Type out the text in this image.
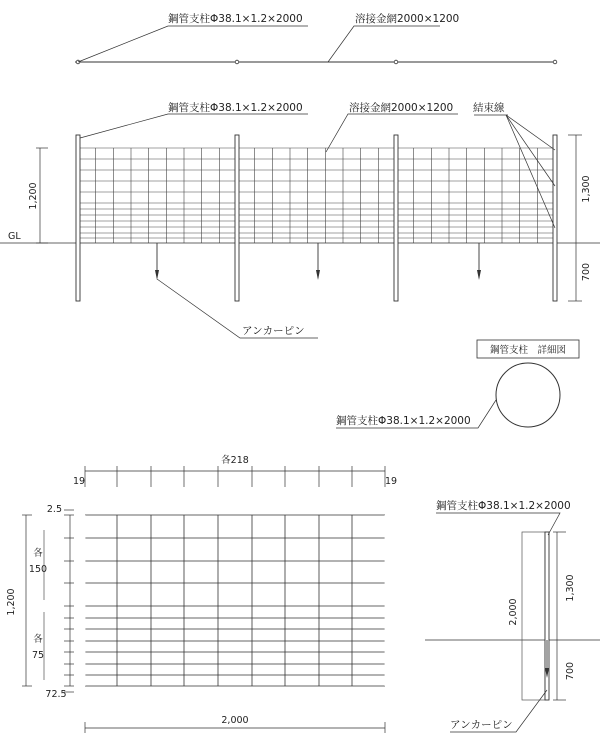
鋼管支柱Φ38.1×1.2×2000	溶接金網2000×1200
GL
アンカーピン
鋼管支柱Φ38.1×1.2×2000	溶接金網2000×1200 結束線
1,200	1,300
700
鋼管支柱　詳細図
鋼管支柱Φ38.1×1.2×2000
各218
19	19
2.5
各
150
各
75
72.5
1,200
2,000
鋼管支柱Φ38.1×1.2×2000
アンカーピン
2,000
1,300
700
